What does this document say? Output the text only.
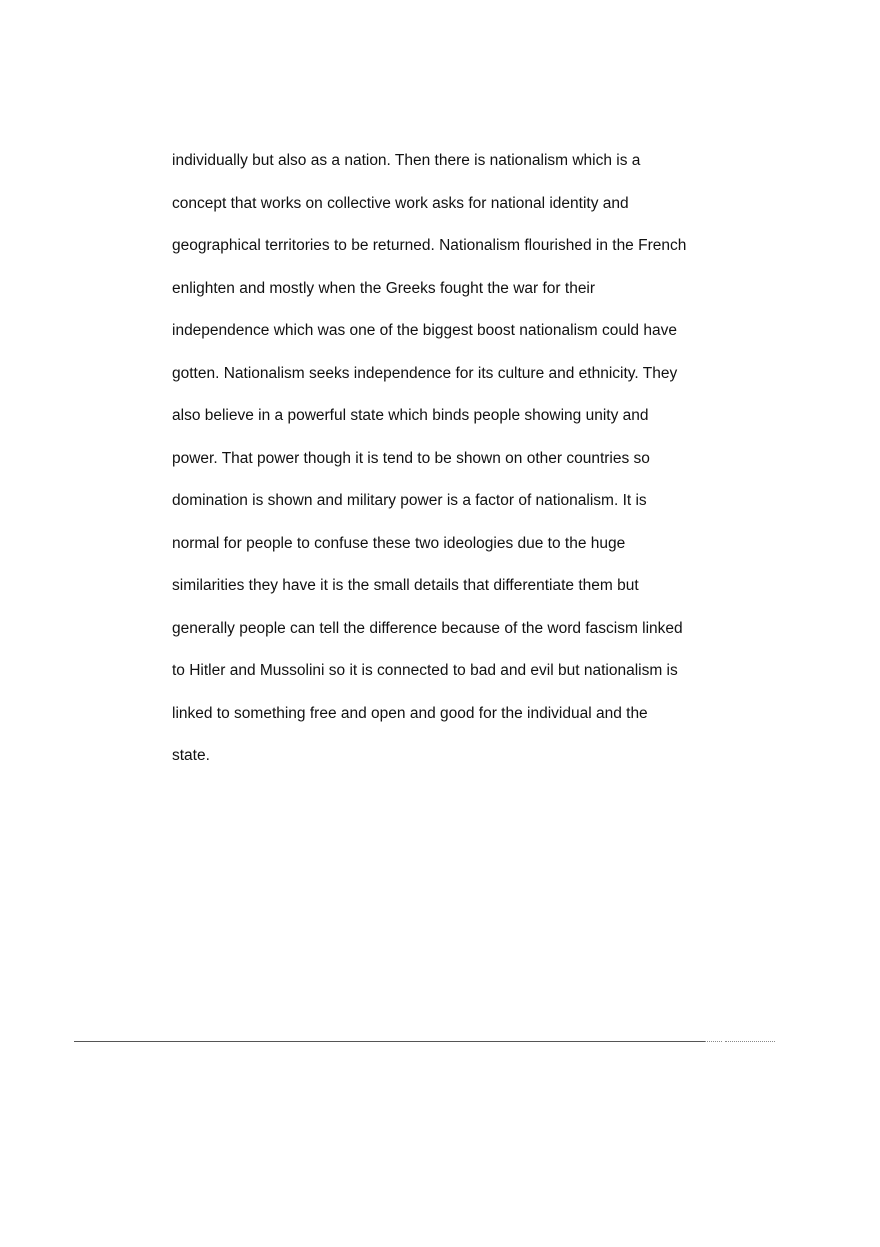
individually but also as a nation. Then there is nationalism which is a
concept that works on collective work asks for national identity and
geographical territories to be returned. Nationalism flourished in the French
enlighten and mostly when the Greeks fought the war for their
independence which was one of the biggest boost nationalism could have
gotten. Nationalism seeks independence for its culture and ethnicity. They
also believe in a powerful state which binds people showing unity and
power. That power though it is tend to be shown on other countries so
domination is shown and military power is a factor of nationalism. It is
normal for people to confuse these two ideologies due to the huge
similarities they have it is the small details that differentiate them but
generally people can tell the difference because of the word fascism linked
to Hitler and Mussolini so it is connected to bad and evil but nationalism is
linked to something free and open and good for the individual and the
state.
